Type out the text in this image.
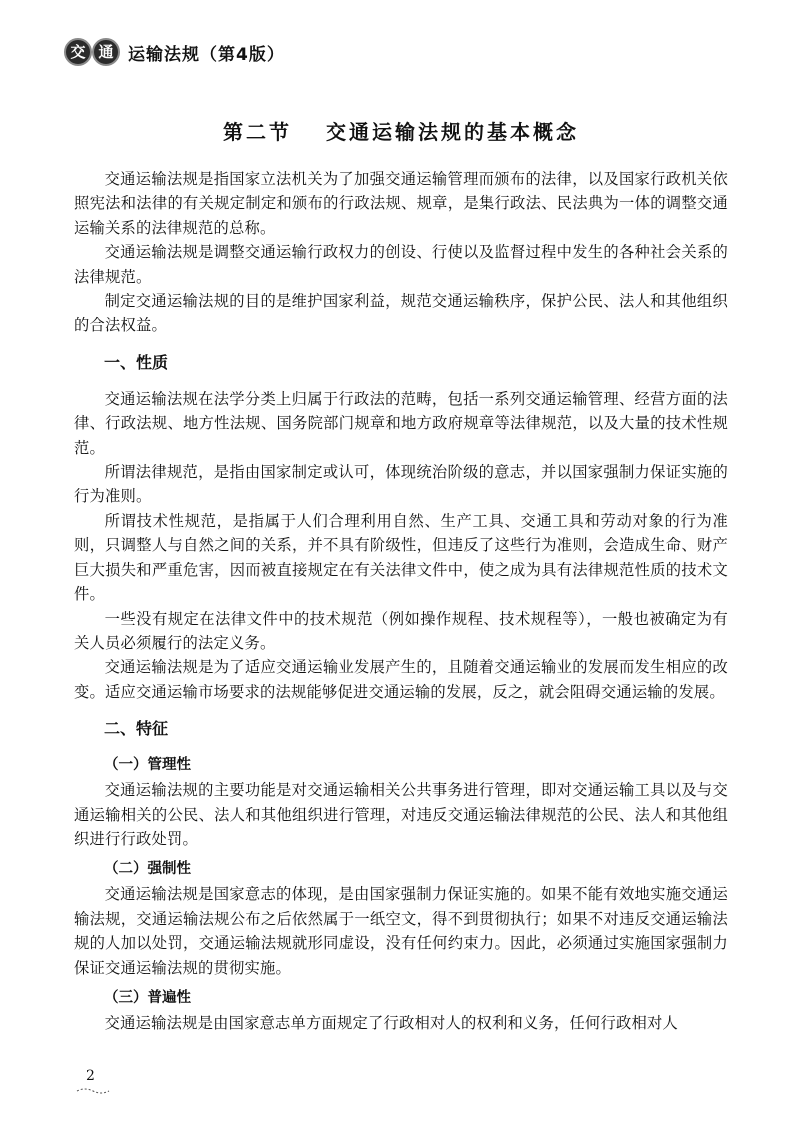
交 通 运输法规（第4版）
第二节 交通运输法规的基本概念

交通运输法规是指国家立法机关为了加强交通运输管理而颁布的法律，以及国家行政机关依照宪法和法律的有关规定制定和颁布的行政法规、规章，是集行政法、民法典为一体的调整交通运输关系的法律规范的总称。

交通运输法规是调整交通运输行政权力的创设、行使以及监督过程中发生的各种社会关系的法律规范。

制定交通运输法规的目的是维护国家利益，规范交通运输秩序，保护公民、法人和其他组织的合法权益。

一、性质

交通运输法规在法学分类上归属于行政法的范畴，包括一系列交通运输管理、经营方面的法律、行政法规、地方性法规、国务院部门规章和地方政府规章等法律规范，以及大量的技术性规范。

所谓法律规范，是指由国家制定或认可，体现统治阶级的意志，并以国家强制力保证实施的行为准则。

所谓技术性规范，是指属于人们合理利用自然、生产工具、交通工具和劳动对象的行为准则，只调整人与自然之间的关系，并不具有阶级性，但违反了这些行为准则，会造成生命、财产巨大损失和严重危害，因而被直接规定在有关法律文件中，使之成为具有法律规范性质的技术文件。

一些没有规定在法律文件中的技术规范（例如操作规程、技术规程等），一般也被确定为有关人员必须履行的法定义务。

交通运输法规是为了适应交通运输业发展产生的，且随着交通运输业的发展而发生相应的改变。适应交通运输市场要求的法规能够促进交通运输的发展，反之，就会阻碍交通运输的发展。

二、特征
（一）管理性

交通运输法规的主要功能是对交通运输相关公共事务进行管理，即对交通运输工具以及与交通运输相关的公民、法人和其他组织进行管理，对违反交通运输法律规范的公民、法人和其他组织进行行政处罚。

（二）强制性

交通运输法规是国家意志的体现，是由国家强制力保证实施的。如果不能有效地实施交通运输法规，交通运输法规公布之后依然属于一纸空文，得不到贯彻执行；如果不对违反交通运输法规的人加以处罚，交通运输法规就形同虚设，没有任何约束力。因此，必须通过实施国家强制力保证交通运输法规的贯彻实施。

（三）普遍性

交通运输法规是由国家意志单方面规定了行政相对人的权利和义务，任何行政相对人

2
